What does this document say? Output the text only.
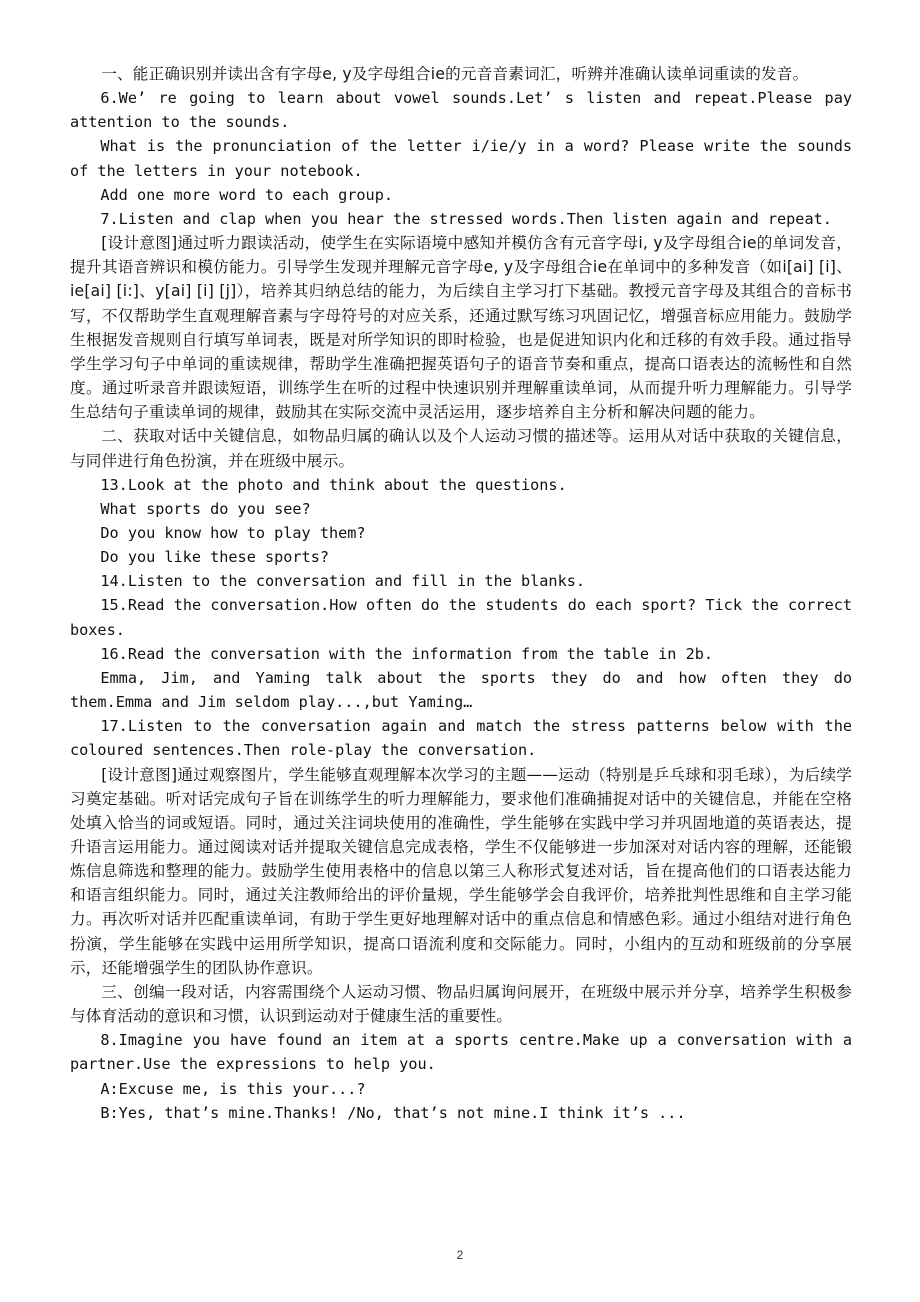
一、能正确识别并读出含有字母e, y及字母组合ie的元音音素词汇，听辨并准确认读单词重读的发音。

6.We’ re going to learn about vowel sounds.Let’ s listen and repeat.Please pay attention to the sounds.

What is the pronunciation of the letter i/ie/y in a word? Please write the sounds of the letters in your notebook.

Add one more word to each group.

7.Listen and clap when you hear the stressed words.Then listen again and repeat.

[设计意图]通过听力跟读活动，使学生在实际语境中感知并模仿含有元音字母i, y及字母组合ie的单词发音，提升其语音辨识和模仿能力。引导学生发现并理解元音字母e, y及字母组合ie在单词中的多种发音（如i[ai] [i]、ie[ai] [i:]、y[ai] [i] [j]），培养其归纳总结的能力，为后续自主学习打下基础。教授元音字母及其组合的音标书写，不仅帮助学生直观理解音素与字母符号的对应关系，还通过默写练习巩固记忆，增强音标应用能力。鼓励学生根据发音规则自行填写单词表，既是对所学知识的即时检验，也是促进知识内化和迁移的有效手段。通过指导学生学习句子中单词的重读规律，帮助学生准确把握英语句子的语音节奏和重点，提高口语表达的流畅性和自然度。通过听录音并跟读短语，训练学生在听的过程中快速识别并理解重读单词，从而提升听力理解能力。引导学生总结句子重读单词的规律，鼓励其在实际交流中灵活运用，逐步培养自主分析和解决问题的能力。

二、获取对话中关键信息，如物品归属的确认以及个人运动习惯的描述等。运用从对话中获取的关键信息，与同伴进行角色扮演，并在班级中展示。

13.Look at the photo and think about the questions.

What sports do you see?

Do you know how to play them?

Do you like these sports?

14.Listen to the conversation and fill in the blanks.

15.Read the conversation.How often do the students do each sport? Tick the correct boxes.

16.Read the conversation with the information from the table in 2b.

Emma, Jim, and Yaming talk about the sports they do and how often they do them.Emma and Jim seldom play...,but Yaming…

17.Listen to the conversation again and match the stress patterns below with the coloured sentences.Then role-play the conversation.

[设计意图]通过观察图片，学生能够直观理解本次学习的主题——运动（特别是乒乓球和羽毛球），为后续学习奠定基础。听对话完成句子旨在训练学生的听力理解能力，要求他们准确捕捉对话中的关键信息，并能在空格处填入恰当的词或短语。同时，通过关注词块使用的准确性，学生能够在实践中学习并巩固地道的英语表达，提升语言运用能力。通过阅读对话并提取关键信息完成表格，学生不仅能够进一步加深对对话内容的理解，还能锻炼信息筛选和整理的能力。鼓励学生使用表格中的信息以第三人称形式复述对话，旨在提高他们的口语表达能力和语言组织能力。同时，通过关注教师给出的评价量规，学生能够学会自我评价，培养批判性思维和自主学习能力。再次听对话并匹配重读单词，有助于学生更好地理解对话中的重点信息和情感色彩。通过小组结对进行角色扮演，学生能够在实践中运用所学知识，提高口语流利度和交际能力。同时，小组内的互动和班级前的分享展示，还能增强学生的团队协作意识。

三、创编一段对话，内容需围绕个人运动习惯、物品归属询问展开，在班级中展示并分享，培养学生积极参与体育活动的意识和习惯，认识到运动对于健康生活的重要性。

8.Imagine you have found an item at a sports centre.Make up a conversation with a partner.Use the expressions to help you.

A:Excuse me, is this your...?

B:Yes, that’s mine.Thanks! /No, that’s not mine.I think it’s ...

2
